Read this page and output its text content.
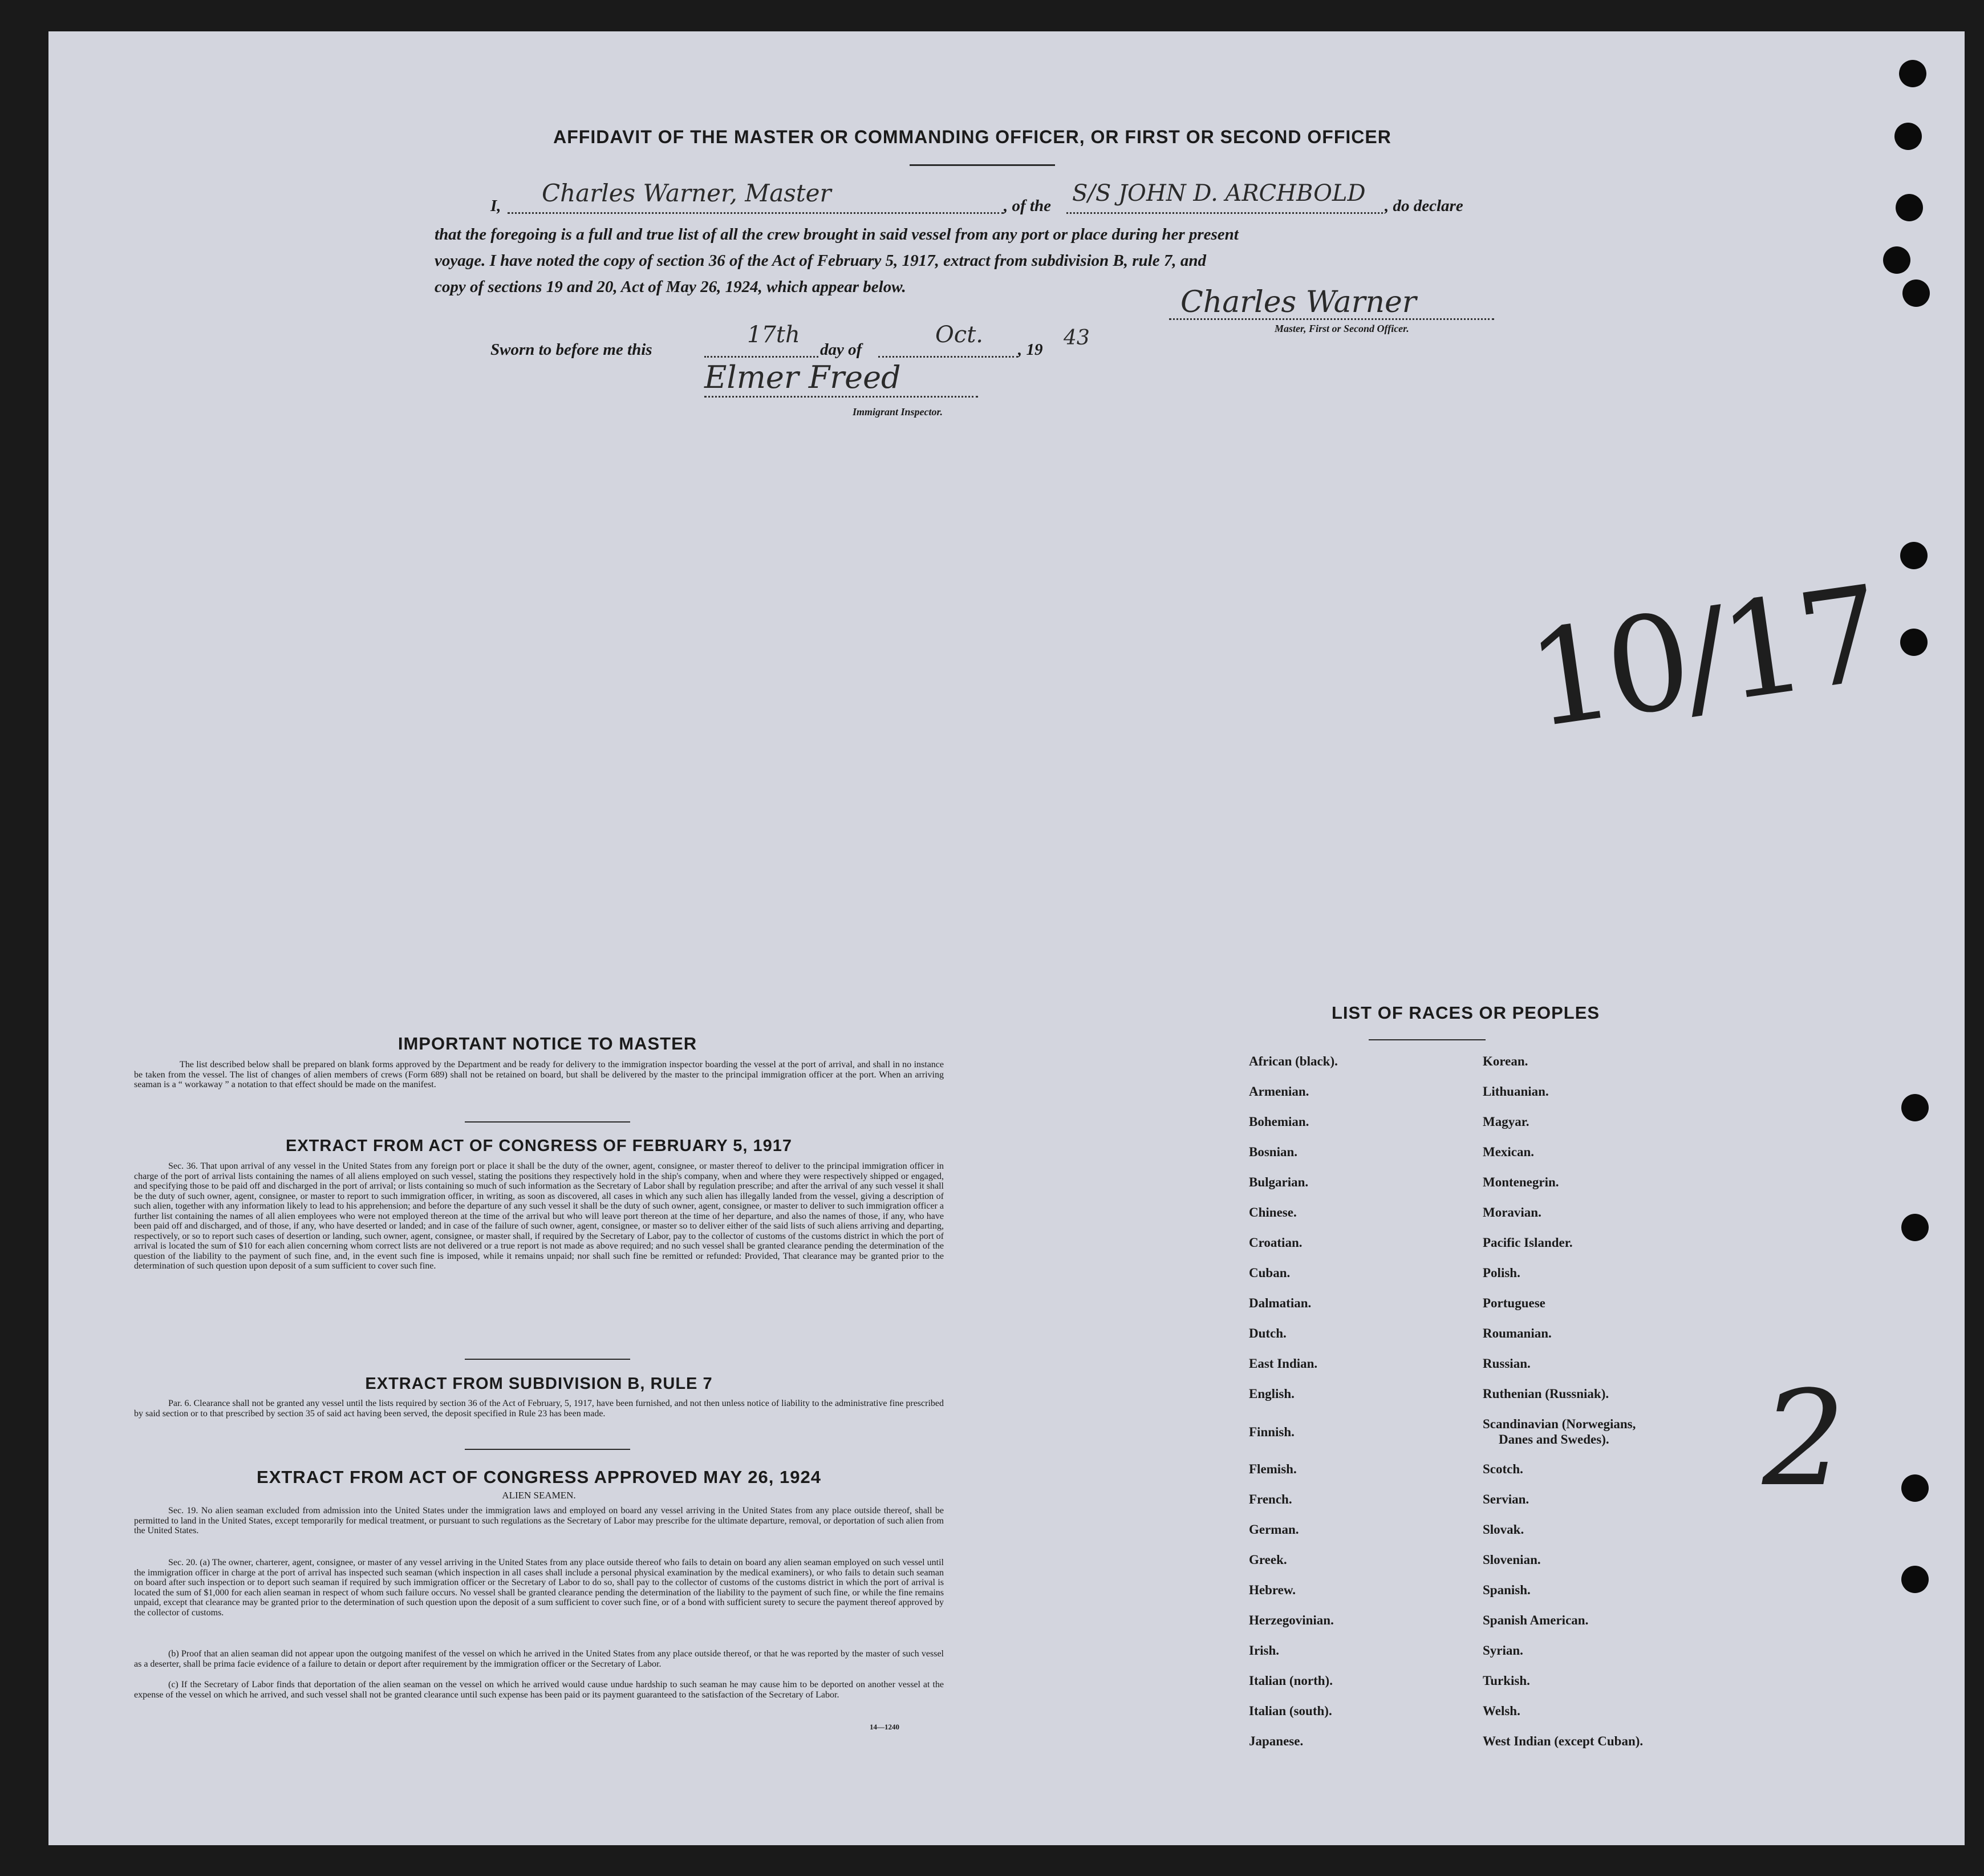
AFFIDAVIT OF THE MASTER OR COMMANDING OFFICER, OR FIRST OR SECOND OFFICER
I, Charles Warner, Master	, of the S/S JOHN D. ARCHBOLD , do declare
that the foregoing is a full and true list of all the crew brought in said vessel from any port or place during her present
voyage. I have noted the copy of section 36 of the Act of February 5, 1917, extract from subdivision B, rule 7, and
copy of sections 19 and 20, Act of May 26, 1924, which appear below.	Charles Warner
Master, First or Second Officer.
Sworn to before me this
17th
day of
Oct.
, 19 43
Elmer Freed
Immigrant Inspector.
10/17
2
IMPORTANT NOTICE TO MASTER
The list described below shall be prepared on blank forms approved by the Department and be ready for delivery to the immigration inspector boarding the vessel at the port of arrival, and shall in no instance be taken from the vessel. The list of changes of alien members of crews (Form 689) shall not be retained on board, but shall be delivered by the master to the principal immigration officer at the port. When an arriving seaman is a “ workaway ” a notation to that effect should be made on the manifest.
EXTRACT FROM ACT OF CONGRESS OF FEBRUARY 5, 1917
Sec. 36. That upon arrival of any vessel in the United States from any foreign port or place it shall be the duty of the owner, agent, consignee, or master thereof to deliver to the principal immigration officer in charge of the port of arrival lists containing the names of all aliens employed on such vessel, stating the positions they respectively hold in the ship's company, when and where they were respectively shipped or engaged, and specifying those to be paid off and discharged in the port of arrival; or lists containing so much of such information as the Secretary of Labor shall by regulation prescribe; and after the arrival of any such vessel it shall be the duty of such owner, agent, consignee, or master to report to such immigration officer, in writing, as soon as discovered, all cases in which any such alien has illegally landed from the vessel, giving a description of such alien, together with any information likely to lead to his apprehension; and before the departure of any such vessel it shall be the duty of such owner, agent, consignee, or master to deliver to such immigration officer a further list containing the names of all alien employees who were not employed thereon at the time of the arrival but who will leave port thereon at the time of her departure, and also the names of those, if any, who have been paid off and discharged, and of those, if any, who have deserted or landed; and in case of the failure of such owner, agent, consignee, or master so to deliver either of the said lists of such aliens arriving and departing, respectively, or so to report such cases of desertion or landing, such owner, agent, consignee, or master shall, if required by the Secretary of Labor, pay to the collector of customs of the customs district in which the port of arrival is located the sum of $10 for each alien concerning whom correct lists are not delivered or a true report is not made as above required; and no such vessel shall be granted clearance pending the determination of the question of the liability to the payment of such fine, and, in the event such fine is imposed, while it remains unpaid; nor shall such fine be remitted or refunded: Provided, That clearance may be granted prior to the determination of such question upon deposit of a sum sufficient to cover such fine.
EXTRACT FROM SUBDIVISION B, RULE 7
Par. 6. Clearance shall not be granted any vessel until the lists required by section 36 of the Act of February, 5, 1917, have been furnished, and not then unless notice of liability to the administrative fine prescribed by said section or to that prescribed by section 35 of said act having been served, the deposit specified in Rule 23 has been made.
EXTRACT FROM ACT OF CONGRESS APPROVED MAY 26, 1924
ALIEN SEAMEN.
Sec. 19. No alien seaman excluded from admission into the United States under the immigration laws and employed on board any vessel arriving in the United States from any place outside thereof, shall be permitted to land in the United States, except temporarily for medical treatment, or pursuant to such regulations as the Secretary of Labor may prescribe for the ultimate departure, removal, or deportation of such alien from the United States.
Sec. 20. (a) The owner, charterer, agent, consignee, or master of any vessel arriving in the United States from any place outside thereof who fails to detain on board any alien seaman employed on such vessel until the immigration officer in charge at the port of arrival has inspected such seaman (which inspection in all cases shall include a personal physical examination by the medical examiners), or who fails to detain such seaman on board after such inspection or to deport such seaman if required by such immigration officer or the Secretary of Labor to do so, shall pay to the collector of customs of the customs district in which the port of arrival is located the sum of $1,000 for each alien seaman in respect of whom such failure occurs. No vessel shall be granted clearance pending the determination of the liability to the payment of such fine, or while the fine remains unpaid, except that clearance may be granted prior to the determination of such question upon the deposit of a sum sufficient to cover such fine, or of a bond with sufficient surety to secure the payment thereof approved by the collector of customs.
(b) Proof that an alien seaman did not appear upon the outgoing manifest of the vessel on which he arrived in the United States from any place outside thereof, or that he was reported by the master of such vessel as a deserter, shall be prima facie evidence of a failure to detain or deport after requirement by the immigration officer or the Secretary of Labor.
(c) If the Secretary of Labor finds that deportation of the alien seaman on the vessel on which he arrived would cause undue hardship to such seaman he may cause him to be deported on another vessel at the expense of the vessel on which he arrived, and such vessel shall not be granted clearance until such expense has been paid or its payment guaranteed to the satisfaction of the Secretary of Labor.
14—1240
LIST OF RACES OR PEOPLES
African (black).
Armenian.
Bohemian.
Bosnian.
Bulgarian.
Chinese.
Croatian.
Cuban.
Dalmatian.
Dutch.
East Indian.
English.
Finnish.
Flemish.
French.
German.
Greek.
Hebrew.
Herzegovinian.
Irish.
Italian (north).
Italian (south).
Japanese.
Korean.
Lithuanian.
Magyar.
Mexican.
Montenegrin.
Moravian.
Pacific Islander.
Polish.
Portuguese
Roumanian.
Russian.
Ruthenian (Russniak).
Scandinavian (Norwegians,
Danes and Swedes).
Scotch.
Servian.
Slovak.
Slovenian.
Spanish.
Spanish American.
Syrian.
Turkish.
Welsh.
West Indian (except Cuban).
